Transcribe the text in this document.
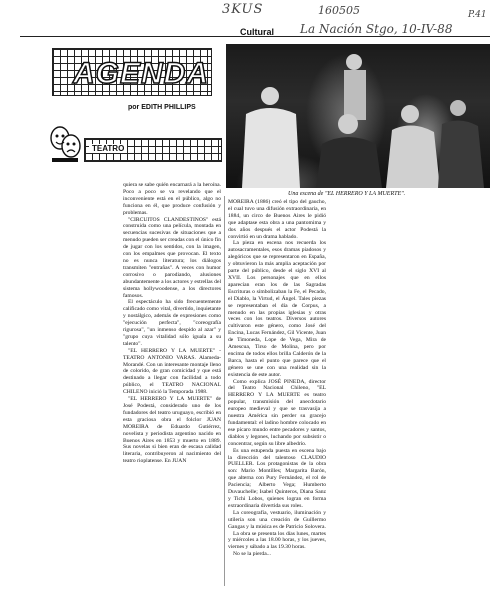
3KUS	160505	P.41
Cultural La Nación Stgo, 10-IV-88
AGENDA
por EDITH PHILLIPS
TEATRO
Una escena de "EL HERRERO Y LA MUERTE".

quiera se sabe quién encarnará a la heroína. Poco a poco se va revelando que el inconveniente está en el público, algo no funciona en él, que produce confusión y problemas.

"CIRCUITOS CLANDESTINOS" está construida como una película, montada en secuencias sucesivas de situaciones que a menudo pueden ser creadas con el único fin de jugar con los sentidos, con la imagen, con los empalmes que provocan. El texto no es nunca literatura; los diálogos transmiten "entrañas". A veces con humor corrosivo o parodiando, alusiones abundantemente a los actores y estrellas del sistema hollywoodense, a los directores famosos.

El espectáculo ha sido frecuentemente calificado como vital, divertido, inquietante y nostálgico, además de expresiones como "ejecución perfecta", "coreografía rigurosa", "un inmenso despido al azar" y "grupo cuya vitalidad sólo iguala a su talento".

"EL HERRERO Y LA MUERTE" - TEATRO ANTONIO VARAS. Alameda-Morandé. Con un interesante montaje lleno de colorido, de gran comicidad y que está destinado a llegar con facilidad a todo público, el TEATRO NACIONAL CHILENO inició la Temporada 1988.

"EL HERRERO Y LA MUERTE" de José Podestá, considerado uno de los fundadores del teatro uruguayo, escribió en esta graciosa obra el folclor JUAN MOREIRA de Eduardo Gutiérrez, novelista y periodista argentino nacido en Buenos Aires en 1853 y muerto en 1889. Sus novelas si bien eran de escasa calidad literaria, contribuyeron al nacimiento del teatro rioplatense. En JUAN

MOREIRA (1886) creó el tipo del gaucho, el cual tuvo una difusión extraordinaria, en 1884, un circo de Buenos Aires le pidió que adaptase esta obra a una pantomima y dos años después el actor Podestá la convirtió en un drama hablado.

La pieza en escena nos recuerda los autosacramentales, esos dramas piadosos y alegóricos que se representaron en España, y obtuvieron la más amplia aceptación por parte del público, desde el siglo XVI al XVII. Los personajes que en ellos aparecían eran los de las Sagradas Escrituras o símbolizaban la Fe, el Pecado, el Diablo, la Virtud, el Ángel. Tales piezas se representaban el día de Corpus, a menudo en las propias iglesias y otras veces con los teatros. Diversos autores cultivaron este género, como José del Encina, Lucas Fernández, Gil Vicente, Juan de Timoneda, Lope de Vega, Mira de Amescua, Tirso de Molina, pero por encima de todos ellos brilla Calderón de la Barca, hasta el punto que parece que el género se une con una realidad sin la existencia de este autor.

Como explica JOSÉ PINEDA, director del Teatro Nacional Chileno, "EL HERRERO Y LA MUERTE es teatro popular, transmisión del anecdotario europeo medieval y que se trasvasija a nuestra América sin perder su gracejo fundamental: el ladino hombre colocado en ese pícaro mundo entre pecadores y santos, diablos y legones, luchando por subsistir o concentrar, según su libre albedrío.

Es una estupenda puesta en escena bajo la dirección del talentoso CLAUDIO PUELLER. Los protagonistas de la obra son: Mario Montilles; Margarita Barón, que alterna con Pury Fernández, el rol de Paciencia; Alberto Vega; Humberto Duvauchelle; Isabel Quinteros, Diana Sanz y Tichi Lobos, quienes logran en forma extraordinaria divertida sus roles.

La coreografía, vestuario, iluminación y utilería son una creación de Guillermo Gangas y la música es de Patricio Solovera.

La obra se presenta los días lunes, martes y miércoles a las 18.00 horas, y los jueves, viernes y sábado a las 19.30 horas.

No se la pierda...
